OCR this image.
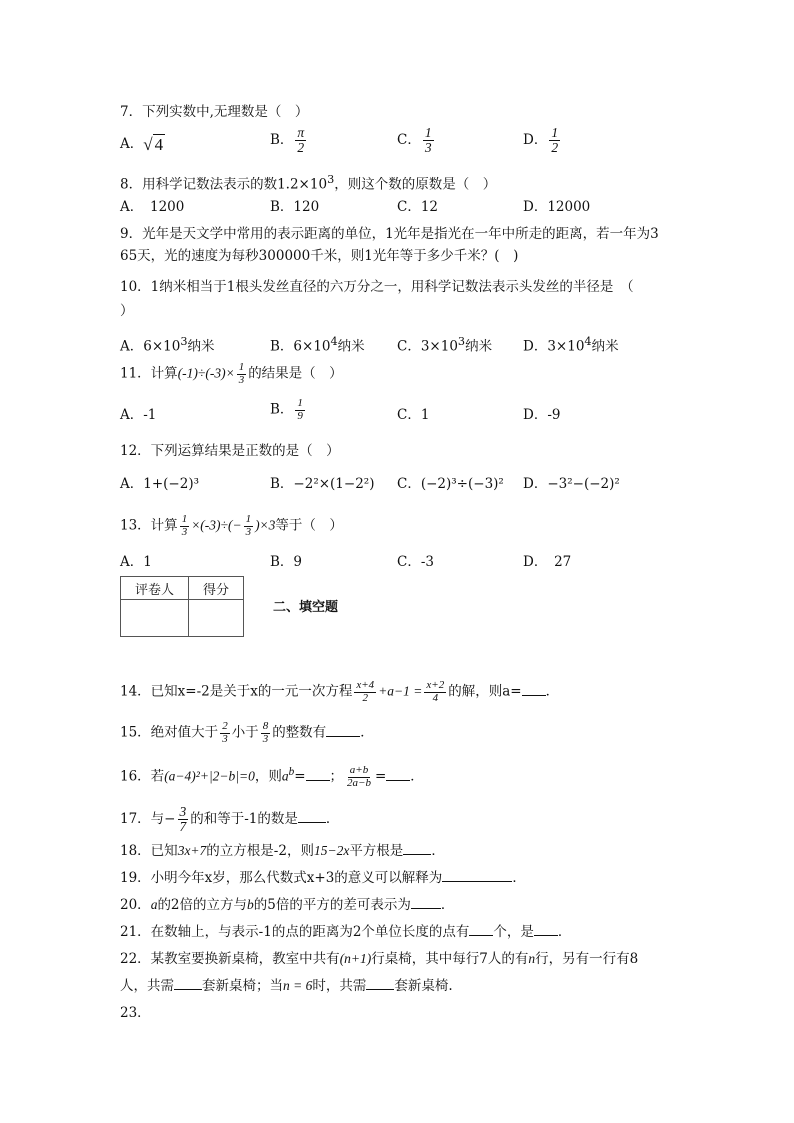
7．下列实数中,无理数是（　）
A．√ 4	B． $\frac{\pi}{2}$	C． $\frac{1}{3}$	D． $\frac{1}{2}$
8．用科学记数法表示的数$1.2\times 10^3$，则这个数的原数是（　）
A．　1200	B．120	C．12	D．12000
9．光年是天文学中常用的表示距离的单位，1光年是指光在一年中所走的距离，若一年为3
65天，光的速度为每秒300000千米，则1光年等于多少千米？(　)
10．1纳米相当于1根头发丝直径的六万分之一，用科学记数法表示头发丝的半径是　（
）
A．$6\times 10^3$纳米	B．$6\times 10^4$纳米 C．$3\times 10^3$纳米 D．$3\times 10^4$纳米
11．计算$(-1)\div(-3)\times \frac{1}{3}$ 的结果是（　）
A．-1	B． $\frac{1}{9}$	C．1	D．-9
12．下列运算结果是正数的是（　）
A．1+(−2)³	B．−2²×(1−2²) C．(−2)³÷(−3)² D．−3²−(−2)²
13．计算 $\frac{1}{3} \times(-3)\div(- \frac{1}{3} )\times 3$等于（　）
A．1	B．9	C．-3	D．　27
评卷人	得分

二、填空题
14．已知x=-2是关于x的一元一次方程 $\frac{x+4}{2} +a-1 = \frac{x+2}{4}$ 的解，则a= ．
15．绝对值大于 $\frac{2}{3}$ 小于 $\frac{8}{3}$ 的整数有	．
16．若(a−4)²+|2−b|=0，则$a^b=$ ； $\frac{a+b}{2a-b}$ = ．
17．与− $\frac{3}{7}$ 的和等于-1的数是 ．
18．已知3x+7的立方根是-2，则15−2x平方根是 ．
19．小明今年x岁，那么代数式x+3的意义可以解释为	．
20．a的2倍的立方与b的5倍的平方的差可表示为 ．
21．在数轴上，与表示-1的点的距离为2个单位长度的点有 个，是 ．
22．某教室要换新桌椅，教室中共有(n+1)行桌椅，其中每行7人的有n行，另有一行有8
人，共需 套新桌椅；当n = 6时，共需 套新桌椅.
23．
